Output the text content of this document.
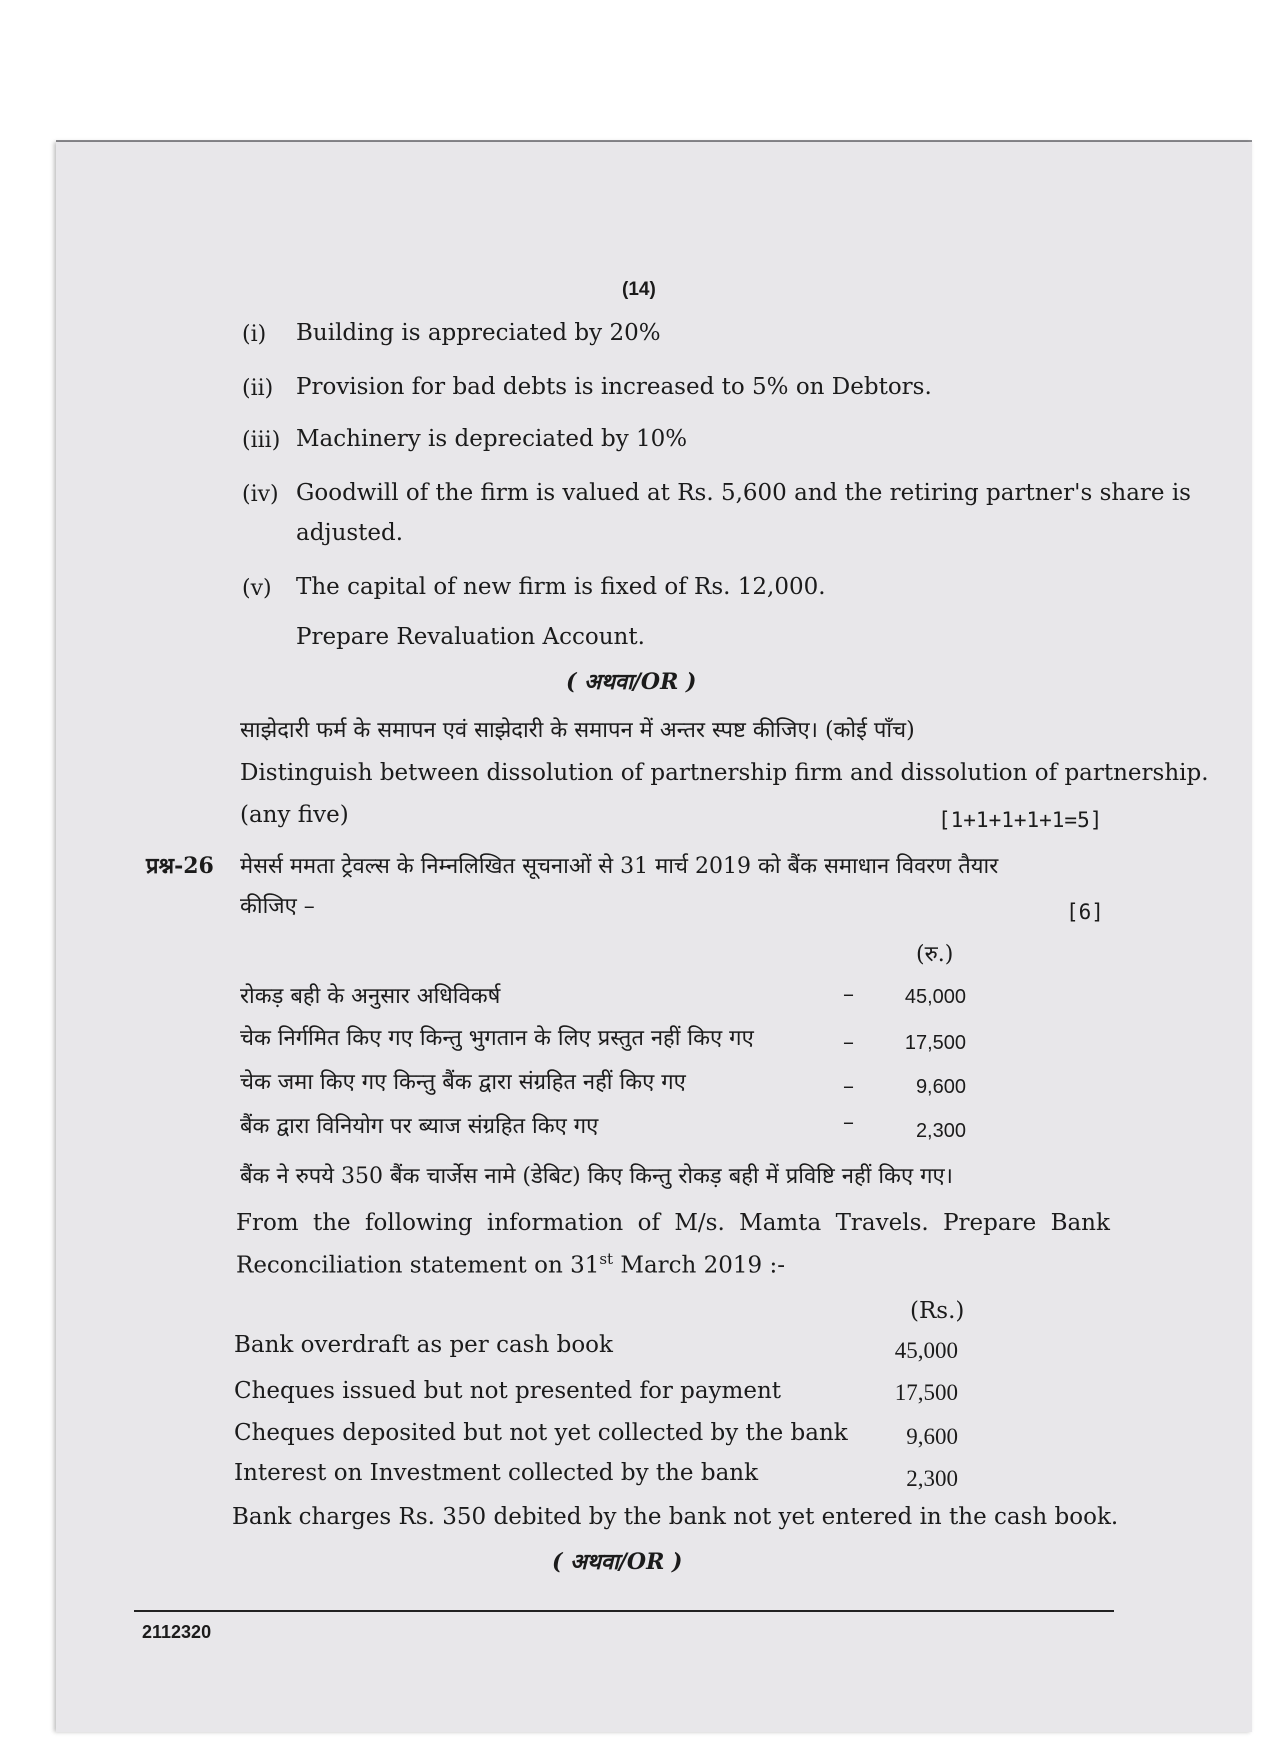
(14)
(i) Building is appreciated by 20%
(ii) Provision for bad debts is increased to 5% on Debtors.
(iii) Machinery is depreciated by 10%
(iv) Goodwill of the firm is valued at Rs. 5,600 and the retiring partner's share is
adjusted.
(v) The capital of new firm is fixed of Rs. 12,000.
Prepare Revaluation Account.
( अथवा/OR )
साझेदारी फर्म के समापन एवं साझेदारी के समापन में अन्तर स्पष्ट कीजिए। (कोई पाँच)
Distinguish between dissolution of partnership firm and dissolution of partnership.
(any five)	[1+1+1+1+1=5]
प्रश्न-26 मेसर्स ममता ट्रेवल्स के निम्नलिखित सूचनाओं से 31 मार्च 2019 को बैंक समाधान विवरण तैयार
कीजिए –	[6]
(रु.)
रोकड़ बही के अनुसार अधिविकर्ष	–	45,000
चेक निर्गमित किए गए किन्तु भुगतान के लिए प्रस्तुत नहीं किए गए	–	17,500
चेक जमा किए गए किन्तु बैंक द्वारा संग्रहित नहीं किए गए	–	9,600
बैंक द्वारा विनियोग पर ब्याज संग्रहित किए गए	–	2,300
बैंक ने रुपये 350 बैंक चार्जेस नामे (डेबिट) किए किन्तु रोकड़ बही में प्रविष्टि नहीं किए गए।
From the following information of M/s. Mamta Travels. Prepare Bank
Reconciliation statement on 31st March 2019 :-
(Rs.)
Bank overdraft as per cash book	45,000
Cheques issued but not presented for payment	17,500
Cheques deposited but not yet collected by the bank	9,600
Interest on Investment collected by the bank	2,300
Bank charges Rs. 350 debited by the bank not yet entered in the cash book.
( अथवा/OR )
2112320
